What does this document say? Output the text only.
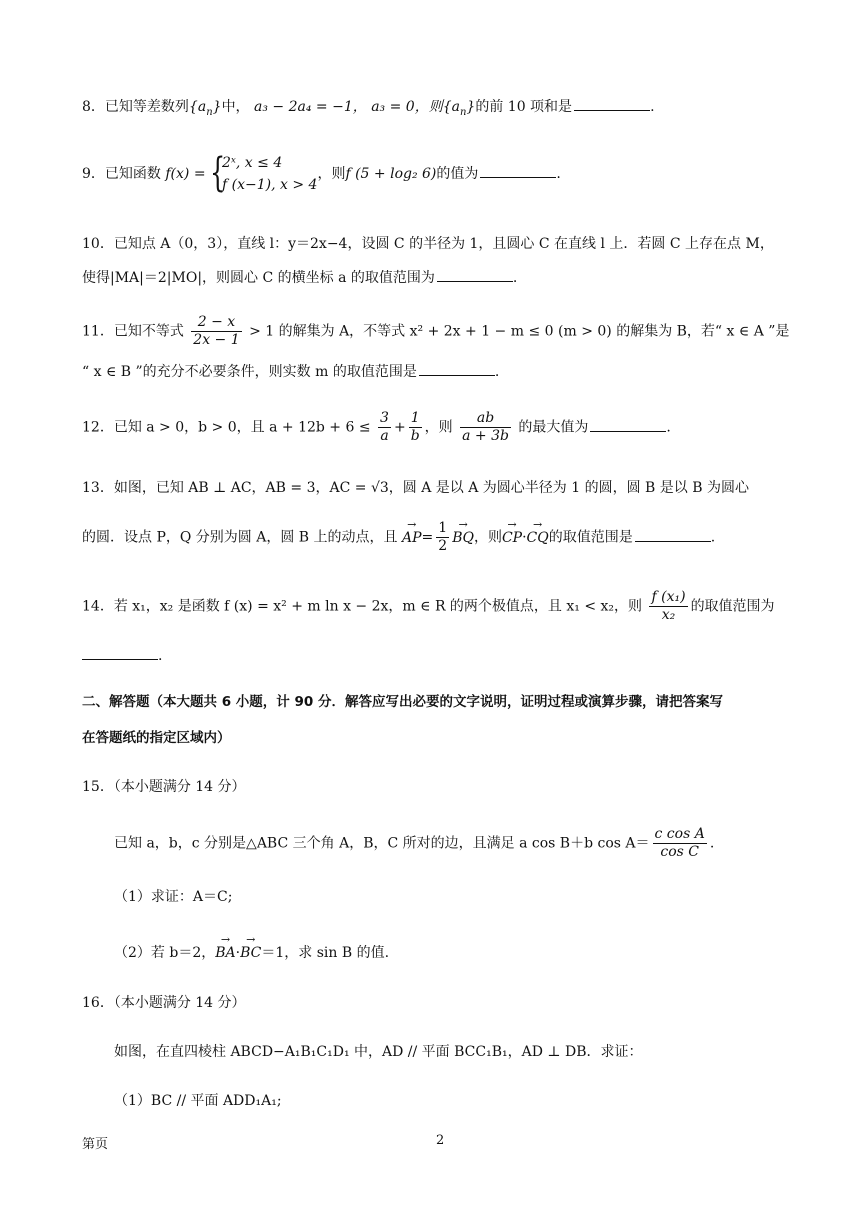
8．已知等差数列$\{a_n\}$中， a₃ − 2a₄ = −1， a₃ = 0，则$\{a_n\}$的前 10 项和是	.
9．已知函数 f(x) = {
2ˣ, x ≤ 4
f (x−1), x > 4
，则f (5 + log₂ 6)的值为	.
10．已知点 A（0，3），直线 l：y＝2x−4，设圆 C 的半径为 1，且圆心 C 在直线 l 上．若圆 C 上存在点 M，
使得|MA|＝2|MO|，则圆心 C 的横坐标 a 的取值范围为	.
11．已知不等式 $\frac{2 - x}{2x - 1} > 1$ 的解集为 A，不等式 x² + 2x + 1 − m ≤ 0 (m > 0) 的解集为 B，若“ x ∈ A ”是
“ x ∈ B ”的充分不必要条件，则实数 m 的取值范围是	.
12．已知 a > 0，b > 0，且 $a + 12b + 6 \le \frac{3}{a} + \frac{1}{b}$ ，则 $\frac{ab}{a + 3b}$ 的最大值为	.
13．如图，已知 AB ⊥ AC，AB = 3，AC = √3，圆 A 是以 A 为圆心半径为 1 的圆，圆 B 是以 B 为圆心
的圆．设点 P，Q 分别为圆 A，圆 B 上的动点，且 → $AP= \frac{1}{2}$ → BQ，则→ CP·→ CQ的取值范围是	.
14．若 x₁，x₂ 是函数 f (x) = x² + m ln x − 2x，m ∈ R 的两个极值点，且 x₁ < x₂，则 $\frac{\text{f (x₁)}}{\text{x₂}}$ 的取值范围为
.
二、解答题（本大题共 6 小题，计 90 分．解答应写出必要的文字说明，证明过程或演算步骤，请把答案写
在答题纸的指定区域内）
15．（本小题满分 14 分）
已知 a，b，c 分别是△ABC 三个角 A，B，C 所对的边，且满足 a cos B＋b $\cos A= \frac{\text{c cos A}}{\text{cos C}}$ .
（1）求证：A＝C;
（2）若 b＝2，→ BA·→ BC＝1，求 sin B 的值.
16．（本小题满分 14 分）
如图，在直四棱柱 ABCD−A₁B₁C₁D₁ 中，AD // 平面 BCC₁B₁，AD ⊥ DB．求证：
（1）BC // 平面 ADD₁A₁;
第页	2
